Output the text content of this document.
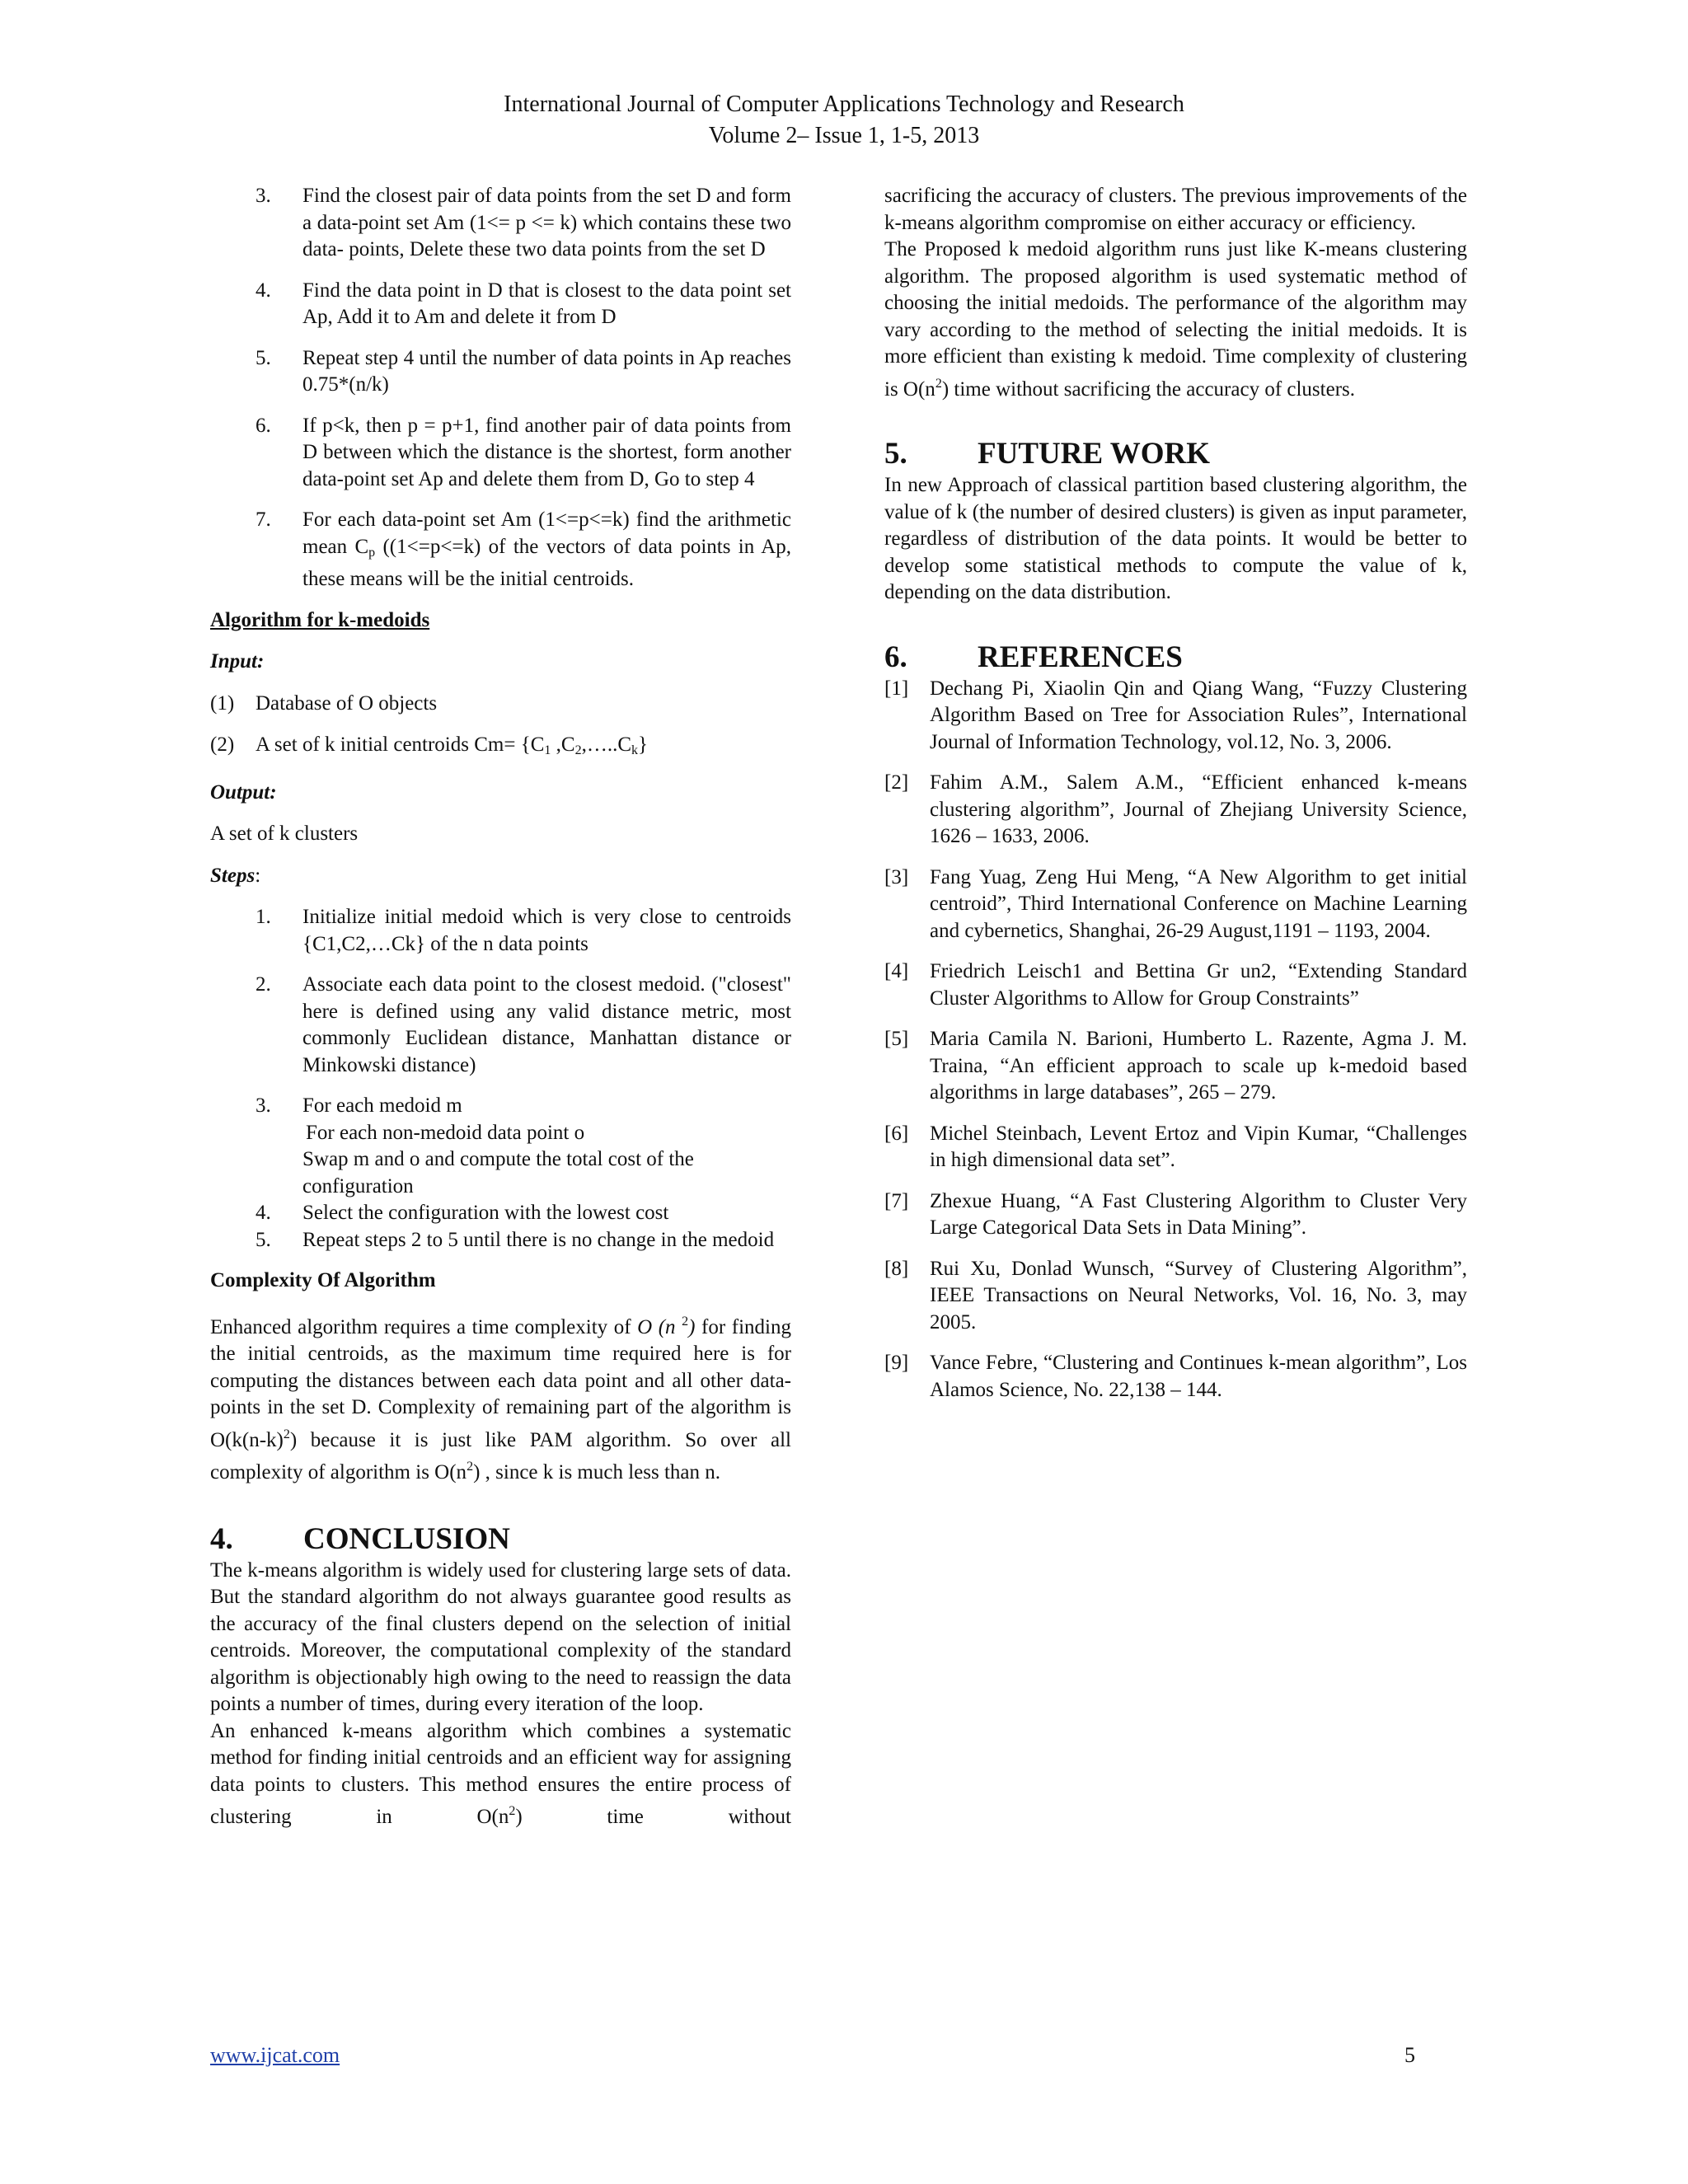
International Journal of Computer Applications Technology and Research
Volume 2– Issue 1, 1-5, 2013
3. Find the closest pair of data points from the set D and form a data-point set Am (1<= p <= k) which contains these two data- points, Delete these two data points from the set D
4. Find the data point in D that is closest to the data point set Ap, Add it to Am and delete it from D
5. Repeat step 4 until the number of data points in Ap reaches 0.75*(n/k)
6. If p<k, then p = p+1, find another pair of data points from D between which the distance is the shortest, form another data-point set Ap and delete them from D, Go to step 4
7. For each data-point set Am (1<=p<=k) find the arithmetic mean $C_p$ ((1<=p<=k) of the vectors of data points in Ap, these means will be the initial centroids.

Algorithm for k-medoids

Input:

(1) Database of O objects
(2) A set of k initial centroids $Cm= \{C_1$ $,C_2,\dots..C_k$}

Output:

A set of k clusters

Steps:

1. Initialize initial medoid which is very close to centroids {C1,C2,…Ck} of the n data points
2. Associate each data point to the closest medoid. ("closest" here is defined using any valid distance metric, most commonly Euclidean distance, Manhattan distance or Minkowski distance)
3. For each medoid m
For each non-medoid data point o
Swap m and o and compute the total cost of the configuration
4. Select the configuration with the lowest cost
5. Repeat steps 2 to 5 until there is no change in the medoid

Complexity Of Algorithm

Enhanced algorithm requires a time complexity of O (n $^2$) for finding the initial centroids, as the maximum time required here is for computing the distances between each data point and all other data-points in the set D. Complexity of remaining part of the algorithm is $O(k(n-k)^2)$ because it is just like PAM algorithm. So over all complexity of algorithm is $O(n^2)$ , since k is much less than n.

4.	CONCLUSION

The k-means algorithm is widely used for clustering large sets of data. But the standard algorithm do not always guarantee good results as the accuracy of the final clusters depend on the selection of initial centroids. Moreover, the computational complexity of the standard algorithm is objectionably high owing to the need to reassign the data points a number of times, during every iteration of the loop.

An enhanced k-means algorithm which combines a systematic method for finding initial centroids and an efficient way for assigning data points to clusters. This method ensures the entire process of clustering in $O(n^2)$ time without

sacrificing the accuracy of clusters. The previous improvements of the k-means algorithm compromise on either accuracy or efficiency.

The Proposed k medoid algorithm runs just like K-means clustering algorithm. The proposed algorithm is used systematic method of choosing the initial medoids. The performance of the algorithm may vary according to the method of selecting the initial medoids. It is more efficient than existing k medoid. Time complexity of clustering is $O(n^2)$ time without sacrificing the accuracy of clusters.

5.	FUTURE WORK

In new Approach of classical partition based clustering algorithm, the value of k (the number of desired clusters) is given as input parameter, regardless of distribution of the data points. It would be better to develop some statistical methods to compute the value of k, depending on the data distribution.

6.	REFERENCES
[1] Dechang Pi, Xiaolin Qin and Qiang Wang, “Fuzzy Clustering Algorithm Based on Tree for Association Rules”, International Journal of Information Technology, vol.12, No. 3, 2006.
[2] Fahim A.M., Salem A.M., “Efficient enhanced k-means clustering algorithm”, Journal of Zhejiang University Science, 1626 – 1633, 2006.
[3] Fang Yuag, Zeng Hui Meng, “A New Algorithm to get initial centroid”, Third International Conference on Machine Learning and cybernetics, Shanghai, 26-29 August,1191 – 1193, 2004.
[4] Friedrich Leisch1 and Bettina Gr un2, “Extending Standard Cluster Algorithms to Allow for Group Constraints”
[5] Maria Camila N. Barioni, Humberto L. Razente, Agma J. M. Traina, “An efficient approach to scale up k-medoid based algorithms in large databases”, 265 – 279.
[6] Michel Steinbach, Levent Ertoz and Vipin Kumar, “Challenges in high dimensional data set”.
[7] Zhexue Huang, “A Fast Clustering Algorithm to Cluster Very Large Categorical Data Sets in Data Mining”.
[8] Rui Xu, Donlad Wunsch, “Survey of Clustering Algorithm”, IEEE Transactions on Neural Networks, Vol. 16, No. 3, may 2005.
[9] Vance Febre, “Clustering and Continues k-mean algorithm”, Los Alamos Science, No. 22,138 – 144.
www.ijcat.com	5
